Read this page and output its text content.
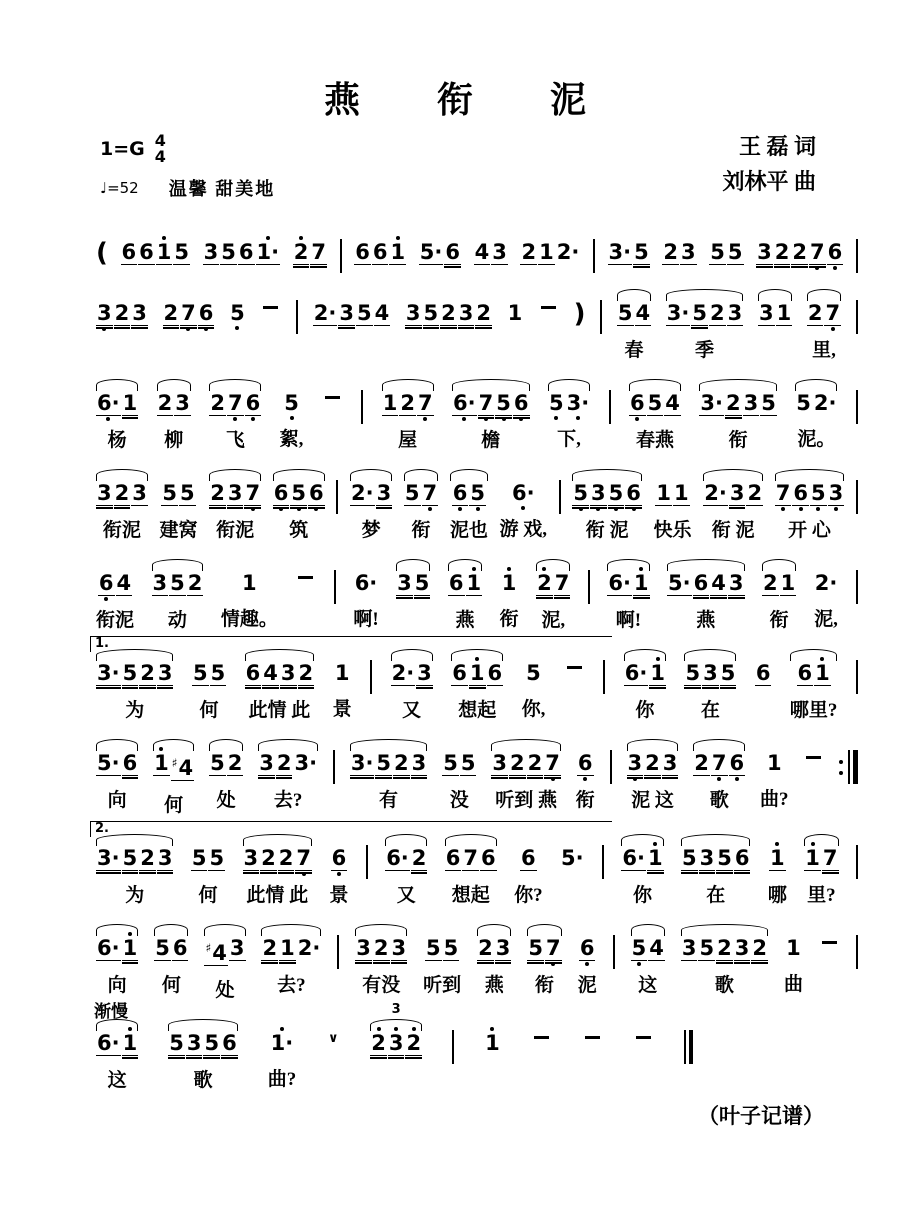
燕 衔 泥
1=G 4
4
♩=52 温馨 甜美地
王 磊 词
刘林平 曲
( 6 6 1 5 3 5 6 1· 2 7 6 6 1 5· 6 4 3 2 1 2· 3· 5 2 3 5 5 3 2 2 7 6
3 2 3 2 7 6 5	2· 3 5 4 3 5 2 3 2 1 ) 5 4
春
3· 5 2 3
季
3 1 2 7
里,
6· 1
杨
2 3
柳
2 7 6
飞
5
絮,
1 2 7
屋
6· 7 5 6
檐
5 3·
下,
6 5 4
春燕
3· 2 3 5
衔
5 2·
泥。
3 2 3
衔泥
5 5
建窝
2 3 7
衔泥
6 5 6
筑
2· 3
梦
5 7
衔
6 5
泥也
6·
游 戏,
5 3 5 6
衔 泥
1 1
快乐
2· 3 2
衔 泥
7 6 5 3
开 心
6 4
衔泥
3 5 2
动
1
情趣。
6·
啊!
3 5 6 1
燕
1
衔
2 7
泥,
6· 1
啊!
5· 6 4 3
燕
2 1
衔
2·
泥,
1.
3· 5 2 3
为
5 5
何
6 4 3 2
此情 此
1
景
2· 3
又
6 1 6
想起
5
你,
6· 1
你
5 3 5
在
6 6 1
哪里?
5· 6
向
1 ♯4
何
5 2
处
3 2 3·
去?
3· 5 2 3
有
5 5
没
3 2 2 7
听到 燕
6
衔
3 2 3
泥 这
2 7 6
歌
1
曲?
2.
3· 5 2 3
为
5 5
何
3 2 2 7
此情 此
6
景
6· 2
又
6 7 6
想起
6
你?
5· 6· 1
你
5 3 5 6
在
1
哪
1 7
里?
6· 1
向
5 6
何
♯4 3
处
2 1 2·
去?
3 2 3
有没
5 5
听到
2 3
燕
5 7
衔
6
泥
5 4
这
3 5 2 3 2
歌
1
曲
渐慢
6· 1
这
5 3 5 6
歌
1·
曲?
∨
3
2 3 2	1
（叶子记谱）
